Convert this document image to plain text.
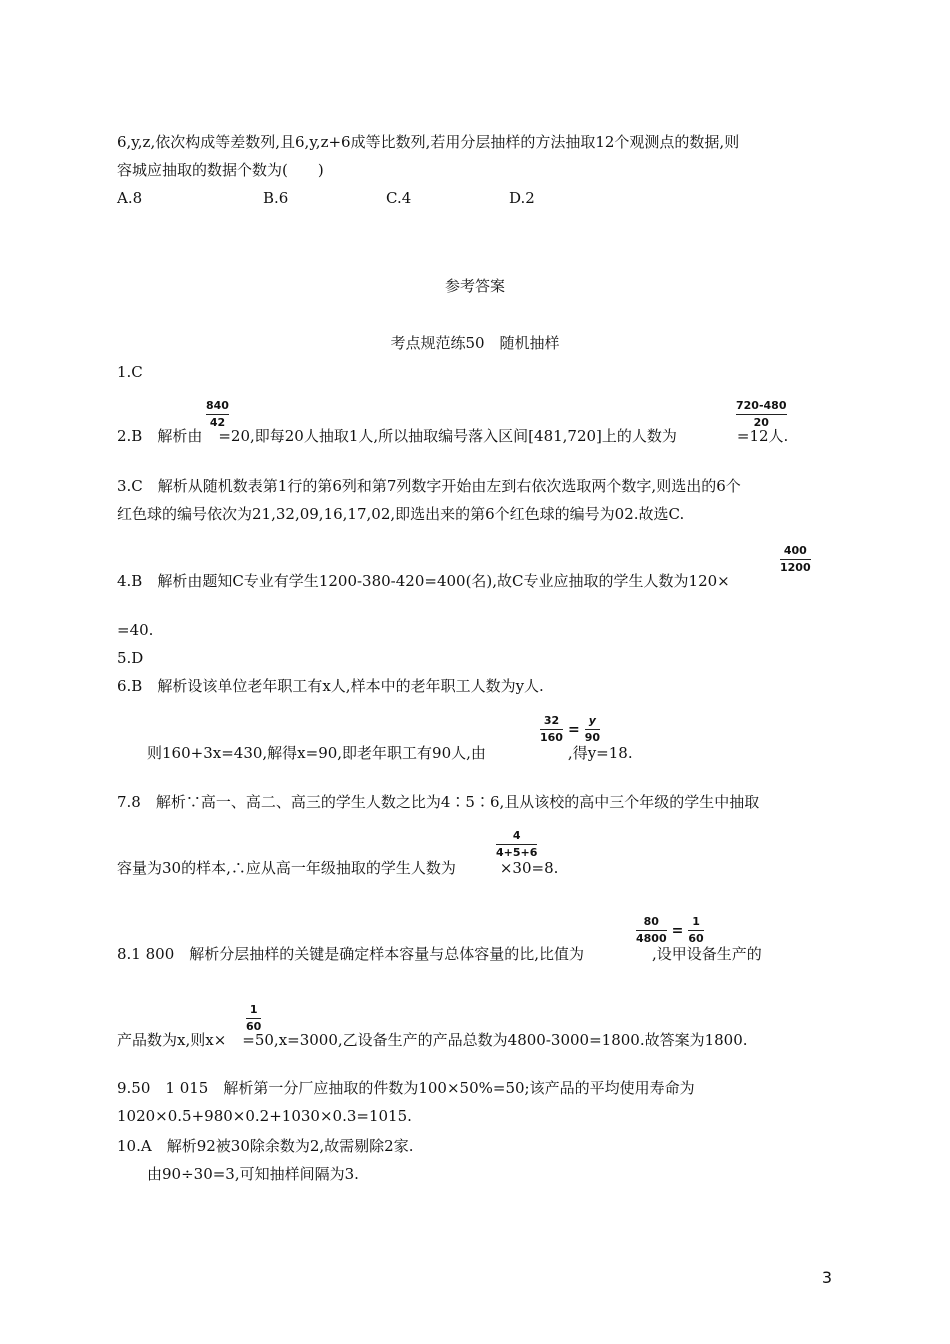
6,y,z,依次构成等差数列,且6,y,z+6成等比数列,若用分层抽样的方法抽取12个观测点的数据,则
容城应抽取的数据个数为(　　)
A.8	B.6	C.4	D.2
参考答案
考点规范练50　随机抽样
1.C
840
42
720-480
20
2.B　解析由 =20,即每20人抽取1人,所以抽取编号落入区间[481,720]上的人数为	=12人.
3.C　解析从随机数表第1行的第6列和第7列数字开始由左到右依次选取两个数字,则选出的6个
红色球的编号依次为21,32,09,16,17,02,即选出来的第6个红色球的编号为02.故选C.
400
1200
4.B　解析由题知C专业有学生1200-380-420=400(名),故C专业应抽取的学生人数为120×
=40.
5.D
6.B　解析设该单位老年职工有x人,样本中的老年职工人数为y人.
32
160 =
y
90
则160+3x=430,解得x=90,即老年职工有90人,由	,得y=18.
7.8　解析∵高一、高二、高三的学生人数之比为4∶5∶6,且从该校的高中三个年级的学生中抽取
4
4+5+6
容量为30的样本,∴应从高一年级抽取的学生人数为	×30=8.
80
4800 =
1
60
8.1 800　解析分层抽样的关键是确定样本容量与总体容量的比,比值为	,设甲设备生产的
1
60
产品数为x,则x× =50,x=3000,乙设备生产的产品总数为4800-3000=1800.故答案为1800.
9.50　1 015　解析第一分厂应抽取的件数为100×50%=50;该产品的平均使用寿命为
1020×0.5+980×0.2+1030×0.3=1015.
10.A　解析92被30除余数为2,故需剔除2家.
由90÷30=3,可知抽样间隔为3.
3
